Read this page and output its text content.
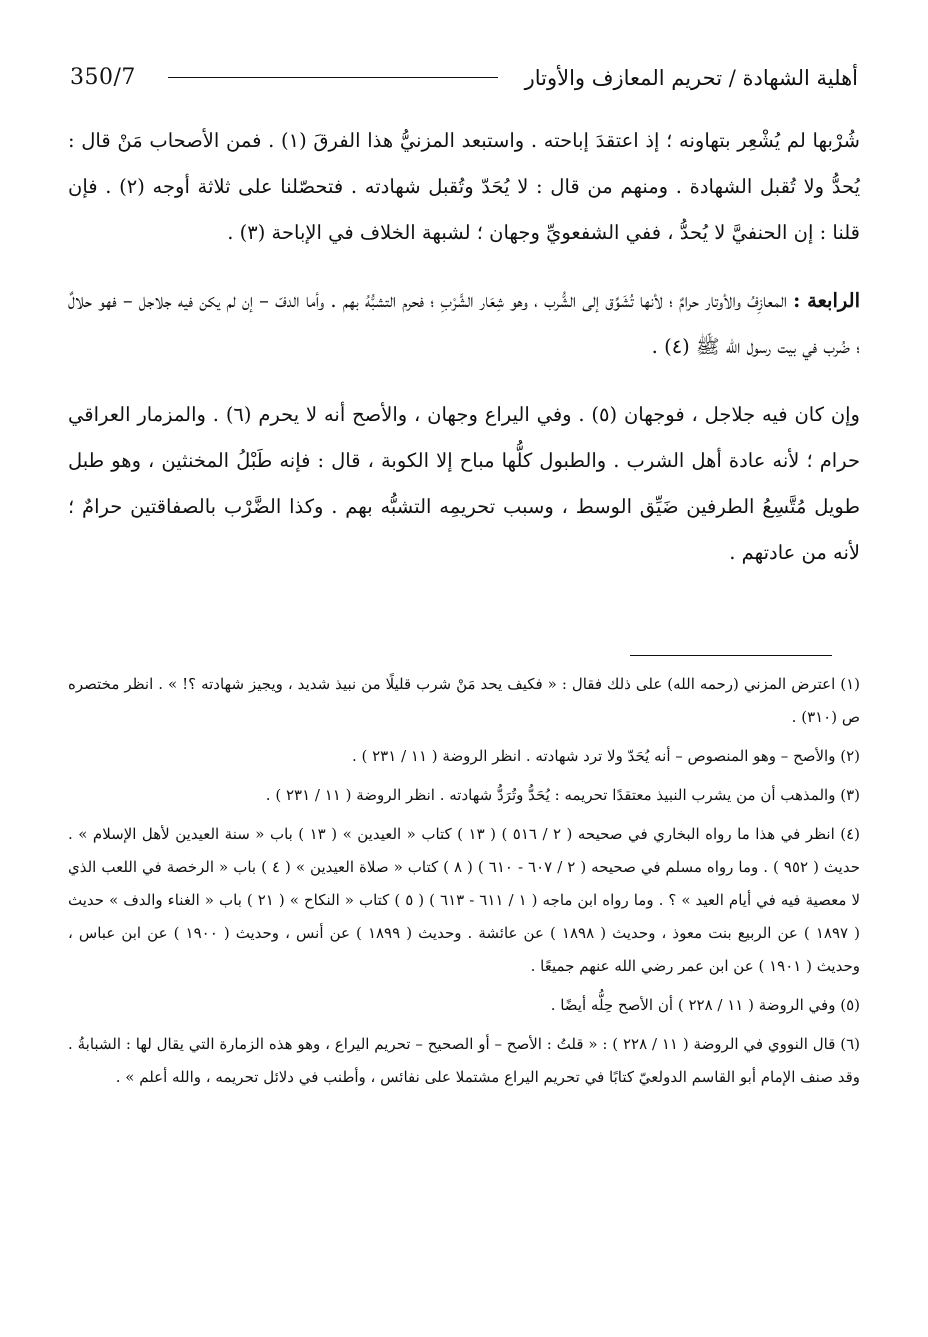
أهلية الشهادة / تحريم المعازف والأوتار
350/7

شُرْبها لم يُشْعِر بتهاونه ؛ إذ اعتقدَ إباحته . واستبعد المزنيُّ هذا الفرقَ (١) . فمن الأصحاب مَنْ قال : يُحدُّ ولا تُقبل الشهادة . ومنهم من قال : لا يُحَدّ وتُقبل شهادته . فتحصّلنا على ثلاثة أوجه (٢) . فإن قلنا : إن الحنفيَّ لا يُحدُّ ، ففي الشفعويِّ وجهان ؛ لشبهة الخلاف في الإباحة (٣) .

الرابعة : المعازِفُ والأوتار حرامٌ ؛ لأنها تُشَوِّق إلى الشُّرب ، وهو شِعَار الشَّرْبِ ؛ فحرم التشبُّهُ بهم . وأما الدفّ – إن لم يكن فيه جلاجل – فهو حلالٌ ؛ ضُرب في بيت رسول الله ﷺ (٤) .

وإن كان فيه جلاجل ، فوجهان (٥) . وفي اليراع وجهان ، والأصح أنه لا يحرم (٦) . والمزمار العراقي حرام ؛ لأنه عادة أهل الشرب . والطبول كلُّها مباح إلا الكوبة ، قال : فإنه طَبْلُ المخنثين ، وهو طبل طويل مُتَّسِعُ الطرفين ضَيِّق الوسط ، وسبب تحريمِه التشبُّه بهم . وكذا الضَّرْب بالصفاقتين حرامٌ ؛ لأنه من عادتهم .

(١) اعترض المزني (رحمه الله) على ذلك فقال : « فكيف يحد مَنْ شرب قليلًا من نبيذ شديد ، ويجيز شهادته ؟! » . انظر مختصره ص (٣١٠) .

(٢) والأصح – وهو المنصوص – أنه يُحَدّ ولا ترد شهادته . انظر الروضة ( ١١ / ٢٣١ ) .

(٣) والمذهب أن من يشرب النبيذ معتقدًا تحريمه : يُحَدُّ وتُرَدُّ شهادته . انظر الروضة ( ١١ / ٢٣١ ) .

(٤) انظر في هذا ما رواه البخاري في صحيحه ( ٢ / ٥١٦ ) ( ١٣ ) كتاب « العيدين » ( ١٣ ) باب « سنة العيدين لأهل الإسلام » . حديث ( ٩٥٢ ) . وما رواه مسلم في صحيحه ( ٢ / ٦٠٧ - ٦١٠ ) ( ٨ ) كتاب « صلاة العيدين » ( ٤ ) باب « الرخصة في اللعب الذي لا معصية فيه في أيام العيد » ؟ . وما رواه ابن ماجه ( ١ / ٦١١ - ٦١٣ ) ( ٥ ) كتاب « النكاح » ( ٢١ ) باب « الغناء والدف » حديث ( ١٨٩٧ ) عن الربيع بنت معوذ ، وحديث ( ١٨٩٨ ) عن عائشة . وحديث ( ١٨٩٩ ) عن أنس ، وحديث ( ١٩٠٠ ) عن ابن عباس ، وحديث ( ١٩٠١ ) عن ابن عمر رضي الله عنهم جميعًا .

(٥) وفي الروضة ( ١١ / ٢٢٨ ) أن الأصح حِلُّه أيضًا .

(٦) قال النووي في الروضة ( ١١ / ٢٢٨ ) : « قلتُ : الأصح – أو الصحيح – تحريم اليراع ، وهو هذه الزمارة التي يقال لها : الشبابةُ . وقد صنف الإمام أبو القاسم الدولعيّ كتابًا في تحريم اليراع مشتملا على نفائس ، وأطنب في دلائل تحريمه ، والله أعلم » .
